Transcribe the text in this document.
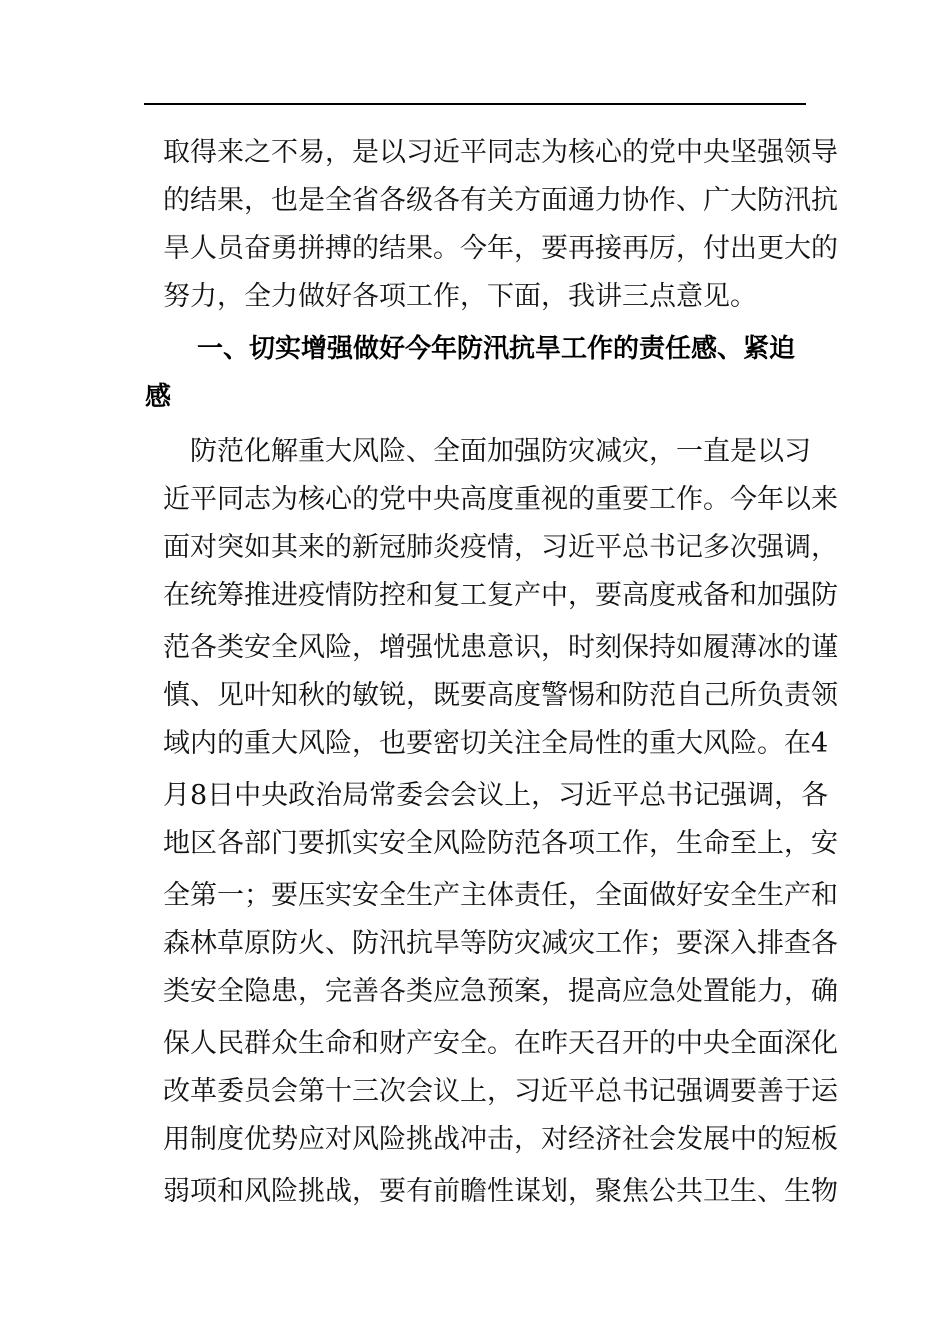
取得来之不易，是以习近平同志为核心的党中央坚强领导
的结果，也是全省各级各有关方面通力协作、广大防汛抗
旱人员奋勇拼搏的结果。今年，要再接再厉，付出更大的
努力，全力做好各项工作，下面，我讲三点意见。
一、切实增强做好今年防汛抗旱工作的责任感、紧迫
感
　防范化解重大风险、全面加强防灾减灾，一直是以习
近平同志为核心的党中央高度重视的重要工作。今年以来
面对突如其来的新冠肺炎疫情，习近平总书记多次强调，
在统筹推进疫情防控和复工复产中，要高度戒备和加强防
范各类安全风险，增强忧患意识，时刻保持如履薄冰的谨
慎、见叶知秋的敏锐，既要高度警惕和防范自己所负责领
域内的重大风险，也要密切关注全局性的重大风险。在4
月8日中央政治局常委会会议上，习近平总书记强调，各
地区各部门要抓实安全风险防范各项工作，生命至上，安
全第一；要压实安全生产主体责任，全面做好安全生产和
森林草原防火、防汛抗旱等防灾减灾工作；要深入排查各
类安全隐患，完善各类应急预案，提高应急处置能力，确
保人民群众生命和财产安全。在昨天召开的中央全面深化
改革委员会第十三次会议上，习近平总书记强调要善于运
用制度优势应对风险挑战冲击，对经济社会发展中的短板
弱项和风险挑战，要有前瞻性谋划，聚焦公共卫生、生物
